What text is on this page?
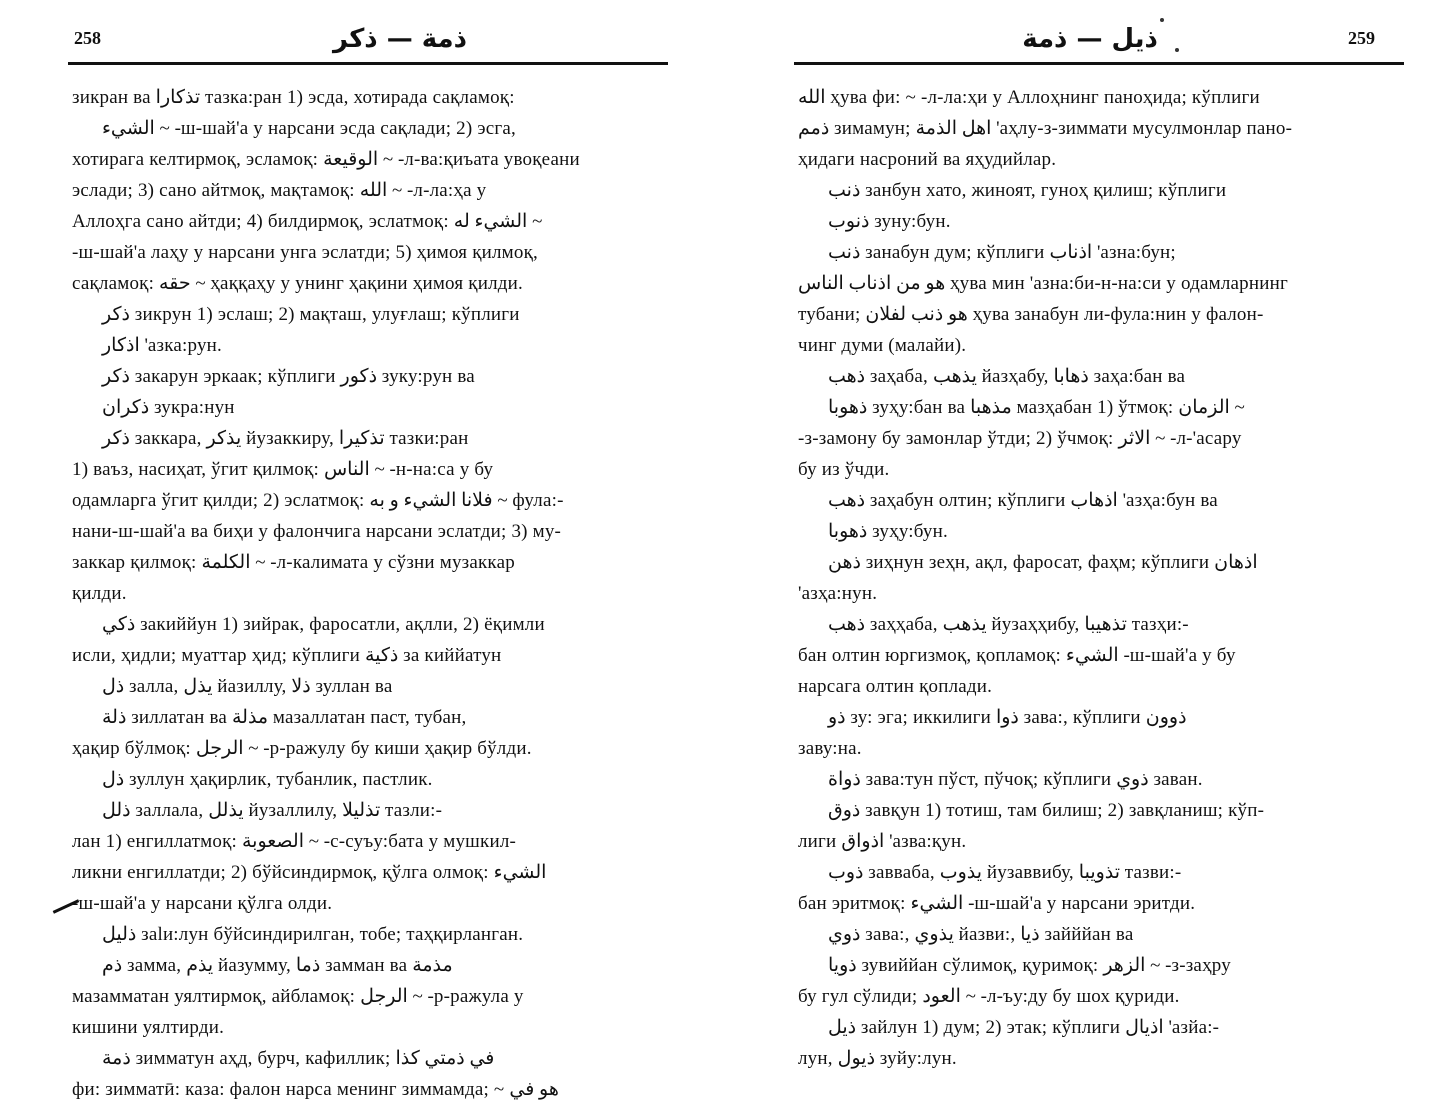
258	ذمة — ذكر
зикран ва تذكارا тазка:ран 1) эсда, хотирада сақламоқ:
الشيء ~ -ш-шай'а у нарсани эсда сақлади; 2) эсга,
хотирага келтирмоқ, эсламоқ: الوقيعة ~ -л-ва:қиъата увоқеани
эслади; 3) сано айтмоқ, мақтамоқ: الله ~ -л-ла:ҳа у
Аллоҳга сано айтди; 4) билдирмоқ, эслатмоқ: الشيء له ~
-ш-шай'а лаҳу у нарсани унга эслатди; 5) ҳимоя қилмоқ,
сақламоқ: حقه ~ ҳаққаҳу у унинг ҳақини ҳимоя қилди.
ذكر зикрун 1) эслаш; 2) мақташ, улуғлаш; кўплиги
اذكار 'азка:рун.
ذكر закарун эркаак; кўплиги ذكور зуку:рун ва
ذكران зукра:нун
ذكر заккара, يذكر йузаккиру, تذكيرا тазки:ран
1) ваъз, насиҳат, ўгит қилмоқ: الناس ~ -н-на:са у бу
одамларга ўгит қилди; 2) эслатмоқ: فلانا الشيء و به ~ фула:-
нани-ш-шай'а ва биҳи у фалончига нарсани эслатди; 3) му-
заккар қилмоқ: الكلمة ~ -л-калимата у сўзни музаккар
қилди.
ذكي закиййун 1) зийрак, фаросатли, ақлли, 2) ёқимли
исли, ҳидли; муаттар ҳид; кўплиги ذكية за киййатун
ذل залла, يذل йазиллу, ذلا зуллан ва
ذلة зиллатан ва مذلة мазаллатан паст, тубан,
ҳақир бўлмоқ: الرجل ~ -р-ражулу бу киши ҳақир бўлди.
ذل зуллун ҳақирлик, тубанлик, пастлик.
ذلل заллала, يذلل йузаллилу, تذليلا тазли:-
лан 1) енгиллатмоқ: الصعوبة ~ -с-суъу:бата у мушкил-
ликни енгиллатди; 2) бўйсиндирмоқ, қўлга олмоқ: الشيء
-ш-шай'а у нарсани қўлга олди.
ذليل заlи:лун бўйсиндирилган, тобе; таҳқирланган.
ذم замма, يذم йазумму, ذما замман ва مذمة
мазамматан уялтирмоқ, айбламоқ: الرجل ~ -р-ражула у
кишини уялтирди.
ذمة зимматун аҳд, бурч, кафиллик; في ذمتي كذا
фи: зимматӣ: каза: фалон нарса менинг зиммамда; ~ هو في
259
ذيل — ذمة
الله ҳува фи: ~ -л-ла:ҳи у Аллоҳнинг паноҳида; кўплиги
ذمم зимамун; اهل الذمة 'аҳлу-з-зиммати мусулмонлар пано-
ҳидаги насроний ва яҳудийлар.
ذنب занбун хато, жиноят, гуноҳ қилиш; кўплиги
ذنوب зуну:бун.
ذنب занабун дум; кўплиги اذناب 'азна:бун;
هو من اذناب الناس ҳува мин 'азна:би-н-на:си у одамларнинг
тубани; هو ذنب لفلان ҳува занабун ли-фула:нин у фалон-
чинг думи (малайи).
ذهب заҳаба, يذهب йазҳабу, ذهابا заҳа:бан ва
ذهوبا зуҳу:бан ва مذهبا мазҳабан 1) ўтмоқ: الزمان ~
-з-замону бу замонлар ўтди; 2) ўчмоқ: الاثر ~ -л-'асару
бу из ўчди.
ذهب заҳабун олтин; кўплиги اذهاب 'азҳа:бун ва
ذهوبا зуҳу:бун.
ذهن зиҳнун зеҳн, ақл, фаросат, фаҳм; кўплиги اذهان
'азҳа:нун.
ذهب заҳҳаба, يذهب йузаҳҳибу, تذهيبا тазҳи:-
бан олтин юргизмоқ, қопламоқ: الشيء -ш-шай'а у бу
нарсага олтин қоплади.
ذو зу: эга; иккилиги ذوا зава:, кўплиги ذوون
заву:на.
ذواة зава:тун пўст, пўчоқ; кўплиги ذوي заван.
ذوق завқун 1) тотиш, там билиш; 2) завқланиш; кўп-
лиги اذواق 'азва:қун.
ذوب завваба, يذوب йузаввибу, تذويبا тазви:-
бан эритмоқ: الشيء -ш-шай'а у нарсани эритди.
ذوي зава:, يذوي йазви:, ذيا зайййан ва
ذويا зувиййан сўлимоқ, қуримоқ: الزهر ~ -з-заҳру
бу гул сўлиди; العود ~ -л-ъу:ду бу шох қуриди.
ذيل зайлун 1) дум; 2) этак; кўплиги اذيال 'азйа:-
лун, ذيول зуйу:лун.
